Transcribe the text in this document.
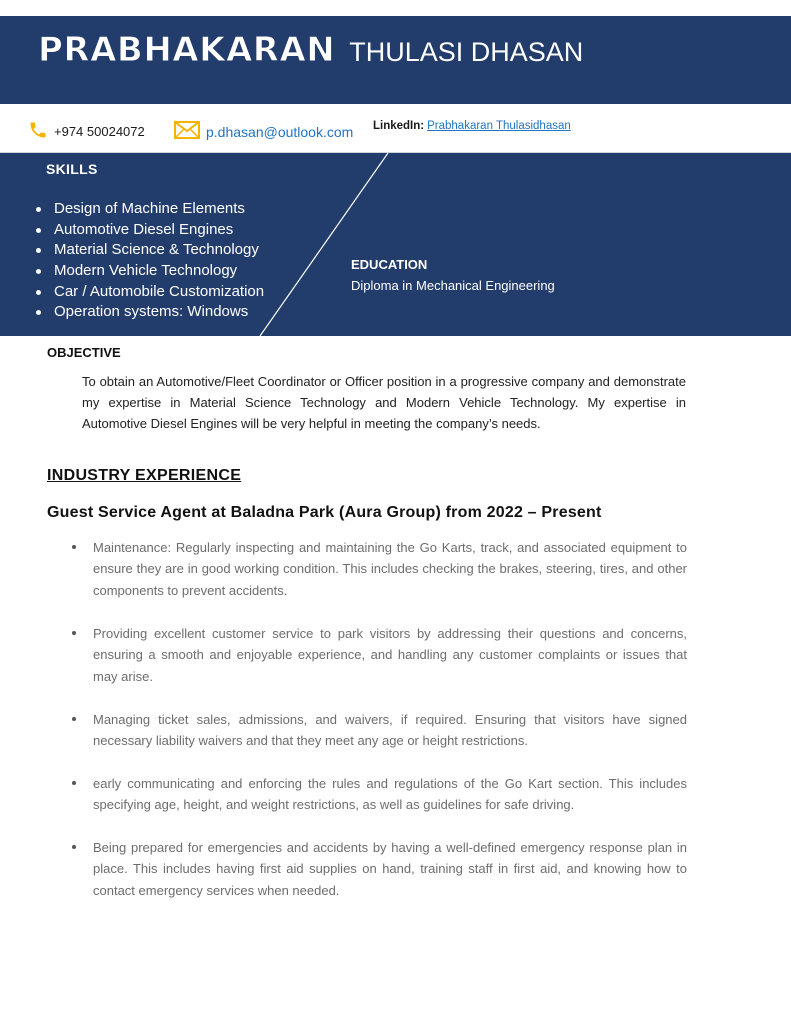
PRABHAKARAN THULASI DHASAN
+974 50024072	p.dhasan@outlook.com LinkedIn: Prabhakaran Thulasidhasan
SKILLS
Design of Machine Elements
Automotive Diesel Engines
Material Science & Technology
Modern Vehicle Technology
Car / Automobile Customization
Operation systems: Windows
EDUCATION
Diploma in Mechanical Engineering
OBJECTIVE
To obtain an Automotive/Fleet Coordinator or Officer position in a progressive company and demonstrate my expertise in Material Science Technology and Modern Vehicle Technology. My expertise in Automotive Diesel Engines will be very helpful in meeting the company’s needs.
INDUSTRY EXPERIENCE
Guest Service Agent at Baladna Park (Aura Group) from 2022 – Present
Maintenance: Regularly inspecting and maintaining the Go Karts, track, and associated equipment to ensure they are in good working condition. This includes checking the brakes, steering, tires, and other components to prevent accidents.
Providing excellent customer service to park visitors by addressing their questions and concerns, ensuring a smooth and enjoyable experience, and handling any customer complaints or issues that may arise.
Managing ticket sales, admissions, and waivers, if required. Ensuring that visitors have signed necessary liability waivers and that they meet any age or height restrictions.
early communicating and enforcing the rules and regulations of the Go Kart section. This includes specifying age, height, and weight restrictions, as well as guidelines for safe driving.
Being prepared for emergencies and accidents by having a well-defined emergency response plan in place. This includes having first aid supplies on hand, training staff in first aid, and knowing how to contact emergency services when needed.
